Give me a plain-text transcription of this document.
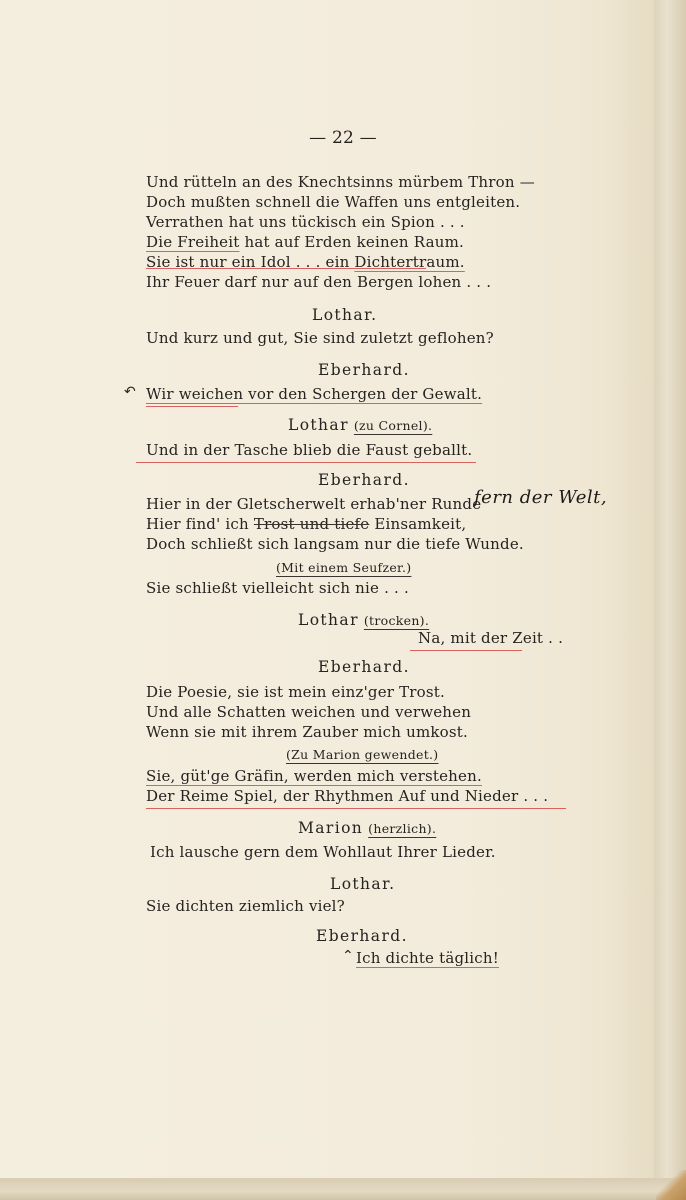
— 22 —
Und rütteln an des Knechtsinns mürbem Thron —
Doch mußten schnell die Waffen uns entgleiten.
Verrathen hat uns tückisch ein Spion . . .
Die Freiheit hat auf Erden keinen Raum.
Sie ist nur ein Idol . . . ein Dichtertraum.
Ihr Feuer darf nur auf den Bergen lohen . . .
Lothar.
Und kurz und gut, Sie sind zuletzt geflohen?
Eberhard.
↶ Wir weichen vor den Schergen der Gewalt.
Lothar (zu Cornel).
Und in der Tasche blieb die Faust geballt.
Eberhard.
Hier in der Gletscherwelt erhab'ner Runde
fern der Welt,
Hier find' ich Trost und tiefe Einsamkeit,
Doch schließt sich langsam nur die tiefe Wunde.
(Mit einem Seufzer.)
Sie schließt vielleicht sich nie . . .
Lothar (trocken).
Na, mit der Zeit . .
Eberhard.
Die Poesie, sie ist mein einz'ger Trost.
Und alle Schatten weichen und verwehen
Wenn sie mit ihrem Zauber mich umkost.
(Zu Marion gewendet.)
Sie, güt'ge Gräfin, werden mich verstehen.
Der Reime Spiel, der Rhythmen Auf und Nieder . . .
Marion (herzlich).
Ich lausche gern dem Wohllaut Ihrer Lieder.
Lothar.
Sie dichten ziemlich viel?
Eberhard.
⌃ Ich dichte täglich!
